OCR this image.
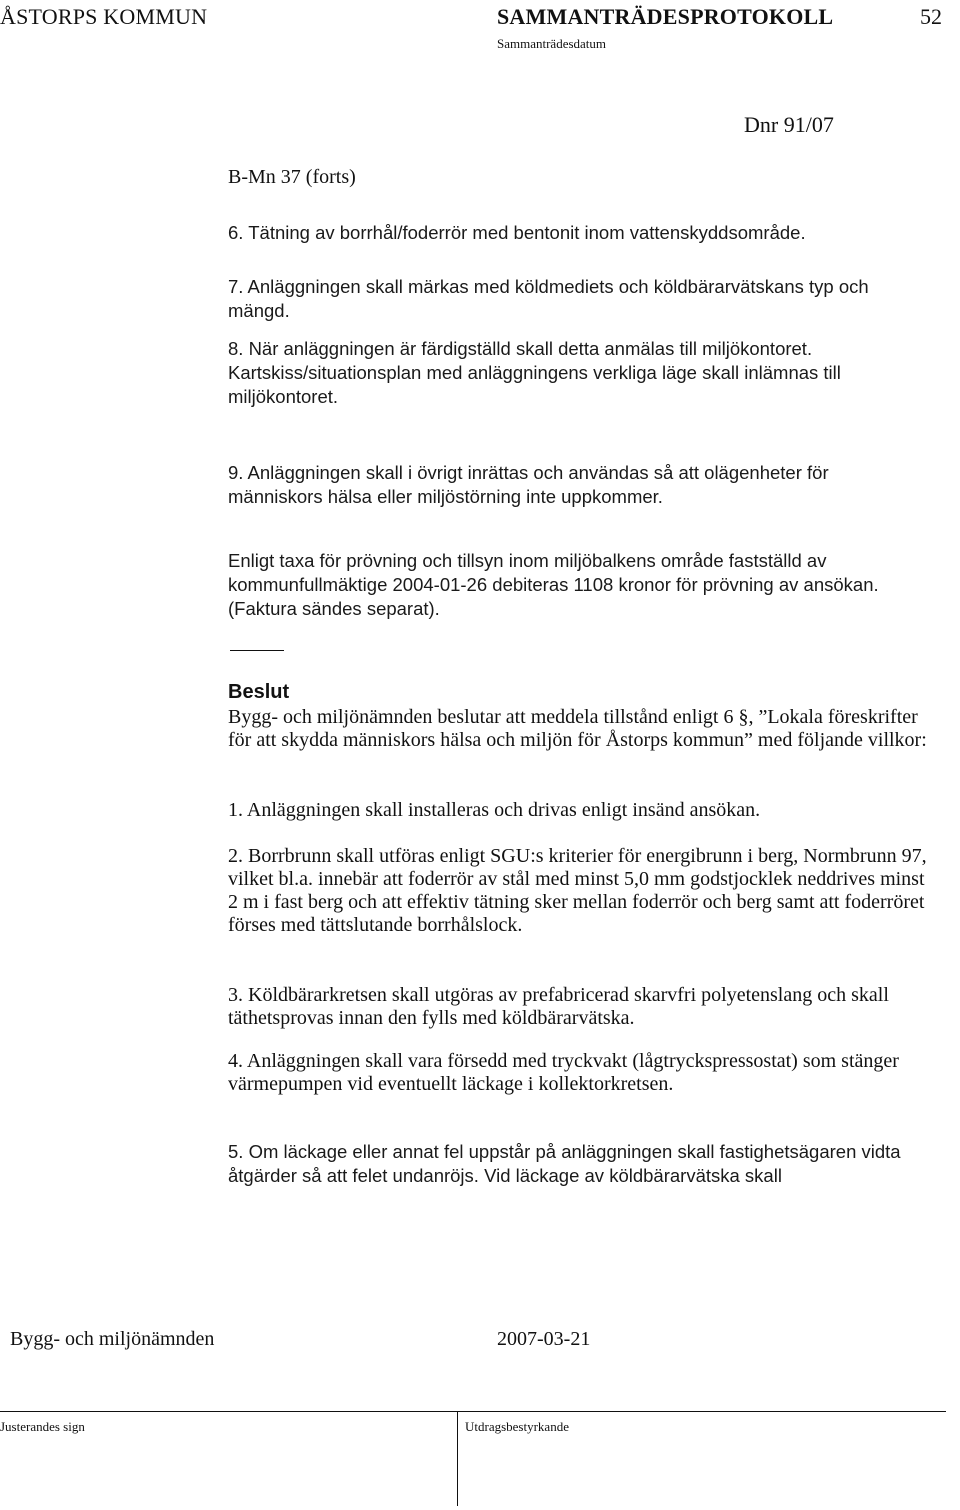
ÅSTORPS KOMMUN	SAMMANTRÄDESPROTOKOLL	52
Sammanträdesdatum
Dnr 91/07
B-Mn 37 (forts)
6. Tätning av borrhål/foderrör med bentonit inom vattenskyddsområde.
7. Anläggningen skall märkas med köldmediets och köldbärarvätskans typ och mängd.
8. När anläggningen är färdigställd skall detta anmälas till miljökontoret. Kartskiss/situationsplan med anläggningens verkliga läge skall inlämnas till miljökontoret.
9. Anläggningen skall i övrigt inrättas och användas så att olägenheter för människors hälsa eller miljöstörning inte uppkommer.
Enligt taxa för prövning och tillsyn inom miljöbalkens område fastställd av kommunfullmäktige 2004-01-26 debiteras 1108 kronor för prövning av ansökan. (Faktura sändes separat).
Beslut
Bygg- och miljönämnden beslutar att meddela tillstånd enligt 6 §, ”Lokala föreskrifter för att skydda människors hälsa och miljön för Åstorps kommun” med följande villkor:
1. Anläggningen skall installeras och drivas enligt insänd ansökan.
2. Borrbrunn skall utföras enligt SGU:s kriterier för energibrunn i berg, Normbrunn 97, vilket bl.a. innebär att foderrör av stål med minst 5,0 mm godstjocklek neddrives minst 2 m i fast berg och att effektiv tätning sker mellan foderrör och berg samt att foderröret förses med tättslutande borrhålslock.
3. Köldbärarkretsen skall utgöras av prefabricerad skarvfri polyetenslang och skall täthetsprovas innan den fylls med köldbärarvätska.
4. Anläggningen skall vara försedd med tryckvakt (lågtryckspressostat) som stänger värmepumpen vid eventuellt läckage i kollektorkretsen.
5. Om läckage eller annat fel uppstår på anläggningen skall fastighetsägaren vidta åtgärder så att felet undanröjs. Vid läckage av köldbärarvätska skall
Bygg- och miljönämnden	2007-03-21
Justerandes sign	Utdragsbestyrkande
